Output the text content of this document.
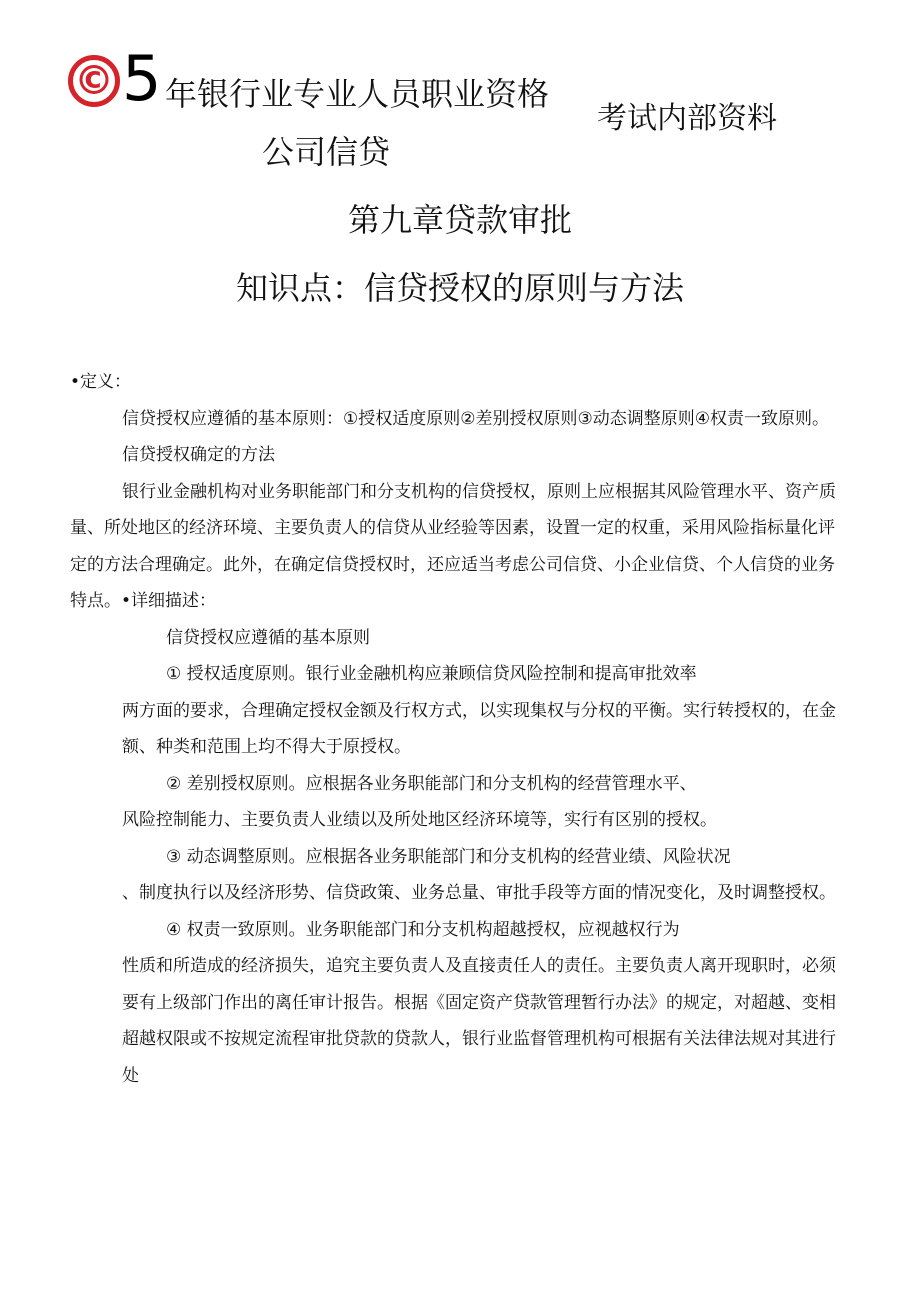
© 5 年银行业专业人员职业资格
考试内部资料
公司信贷
第九章贷款审批
知识点：信贷授权的原则与方法

•定义：

信贷授权应遵循的基本原则：①授权适度原则②差别授权原则③动态调整原则④权责一致原则。

信贷授权确定的方法

银行业金融机构对业务职能部门和分支机构的信贷授权，原则上应根据其风险管理水平、资产质量、所处地区的经济环境、主要负责人的信贷从业经验等因素，设置一定的权重，采用风险指标量化评定的方法合理确定。此外，在确定信贷授权时，还应适当考虑公司信贷、小企业信贷、个人信贷的业务特点。•详细描述：

信贷授权应遵循的基本原则

① 授权适度原则。银行业金融机构应兼顾信贷风险控制和提高审批效率

两方面的要求，合理确定授权金额及行权方式，以实现集权与分权的平衡。实行转授权的，在金额、种类和范围上均不得大于原授权。

② 差别授权原则。应根据各业务职能部门和分支机构的经营管理水平、

风险控制能力、主要负责人业绩以及所处地区经济环境等，实行有区别的授权。

③ 动态调整原则。应根据各业务职能部门和分支机构的经营业绩、风险状况

、制度执行以及经济形势、信贷政策、业务总量、审批手段等方面的情况变化，及时调整授权。

④ 权责一致原则。业务职能部门和分支机构超越授权，应视越权行为

性质和所造成的经济损失，追究主要负责人及直接责任人的责任。主要负责人离开现职时，必须要有上级部门作出的离任审计报告。根据《固定资产贷款管理暂行办法》的规定，对超越、变相超越权限或不按规定流程审批贷款的贷款人，银行业监督管理机构可根据有关法律法规对其进行处
